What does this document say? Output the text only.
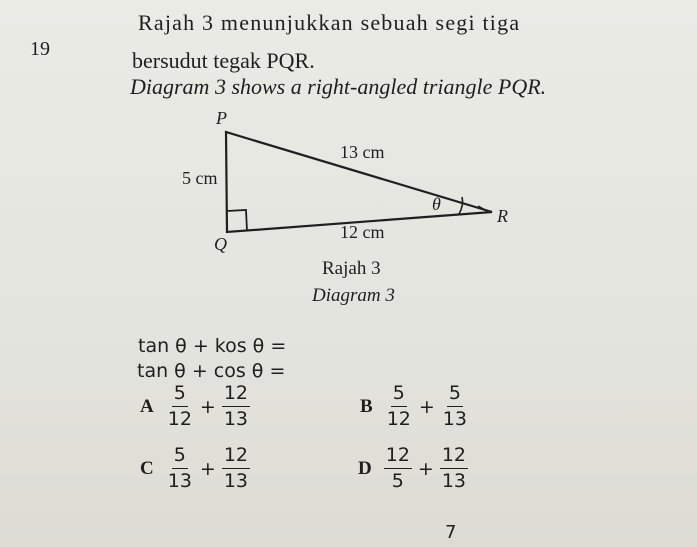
19
Rajah 3 menunjukkan sebuah segi tiga
bersudut tegak PQR.
Diagram 3 shows a right-angled triangle PQR.
P
Q
R
5 cm
13 cm
12 cm
θ
Rajah 3
Diagram 3
tan θ + kos θ =
tan θ + cos θ =
A $\frac{5}{12} + \frac{12}{13}$	B $\frac{5}{12} + \frac{5}{13}$
C $\frac{5}{13} + \frac{12}{13}$	D $\frac{12}{5} + \frac{12}{13}$
7
